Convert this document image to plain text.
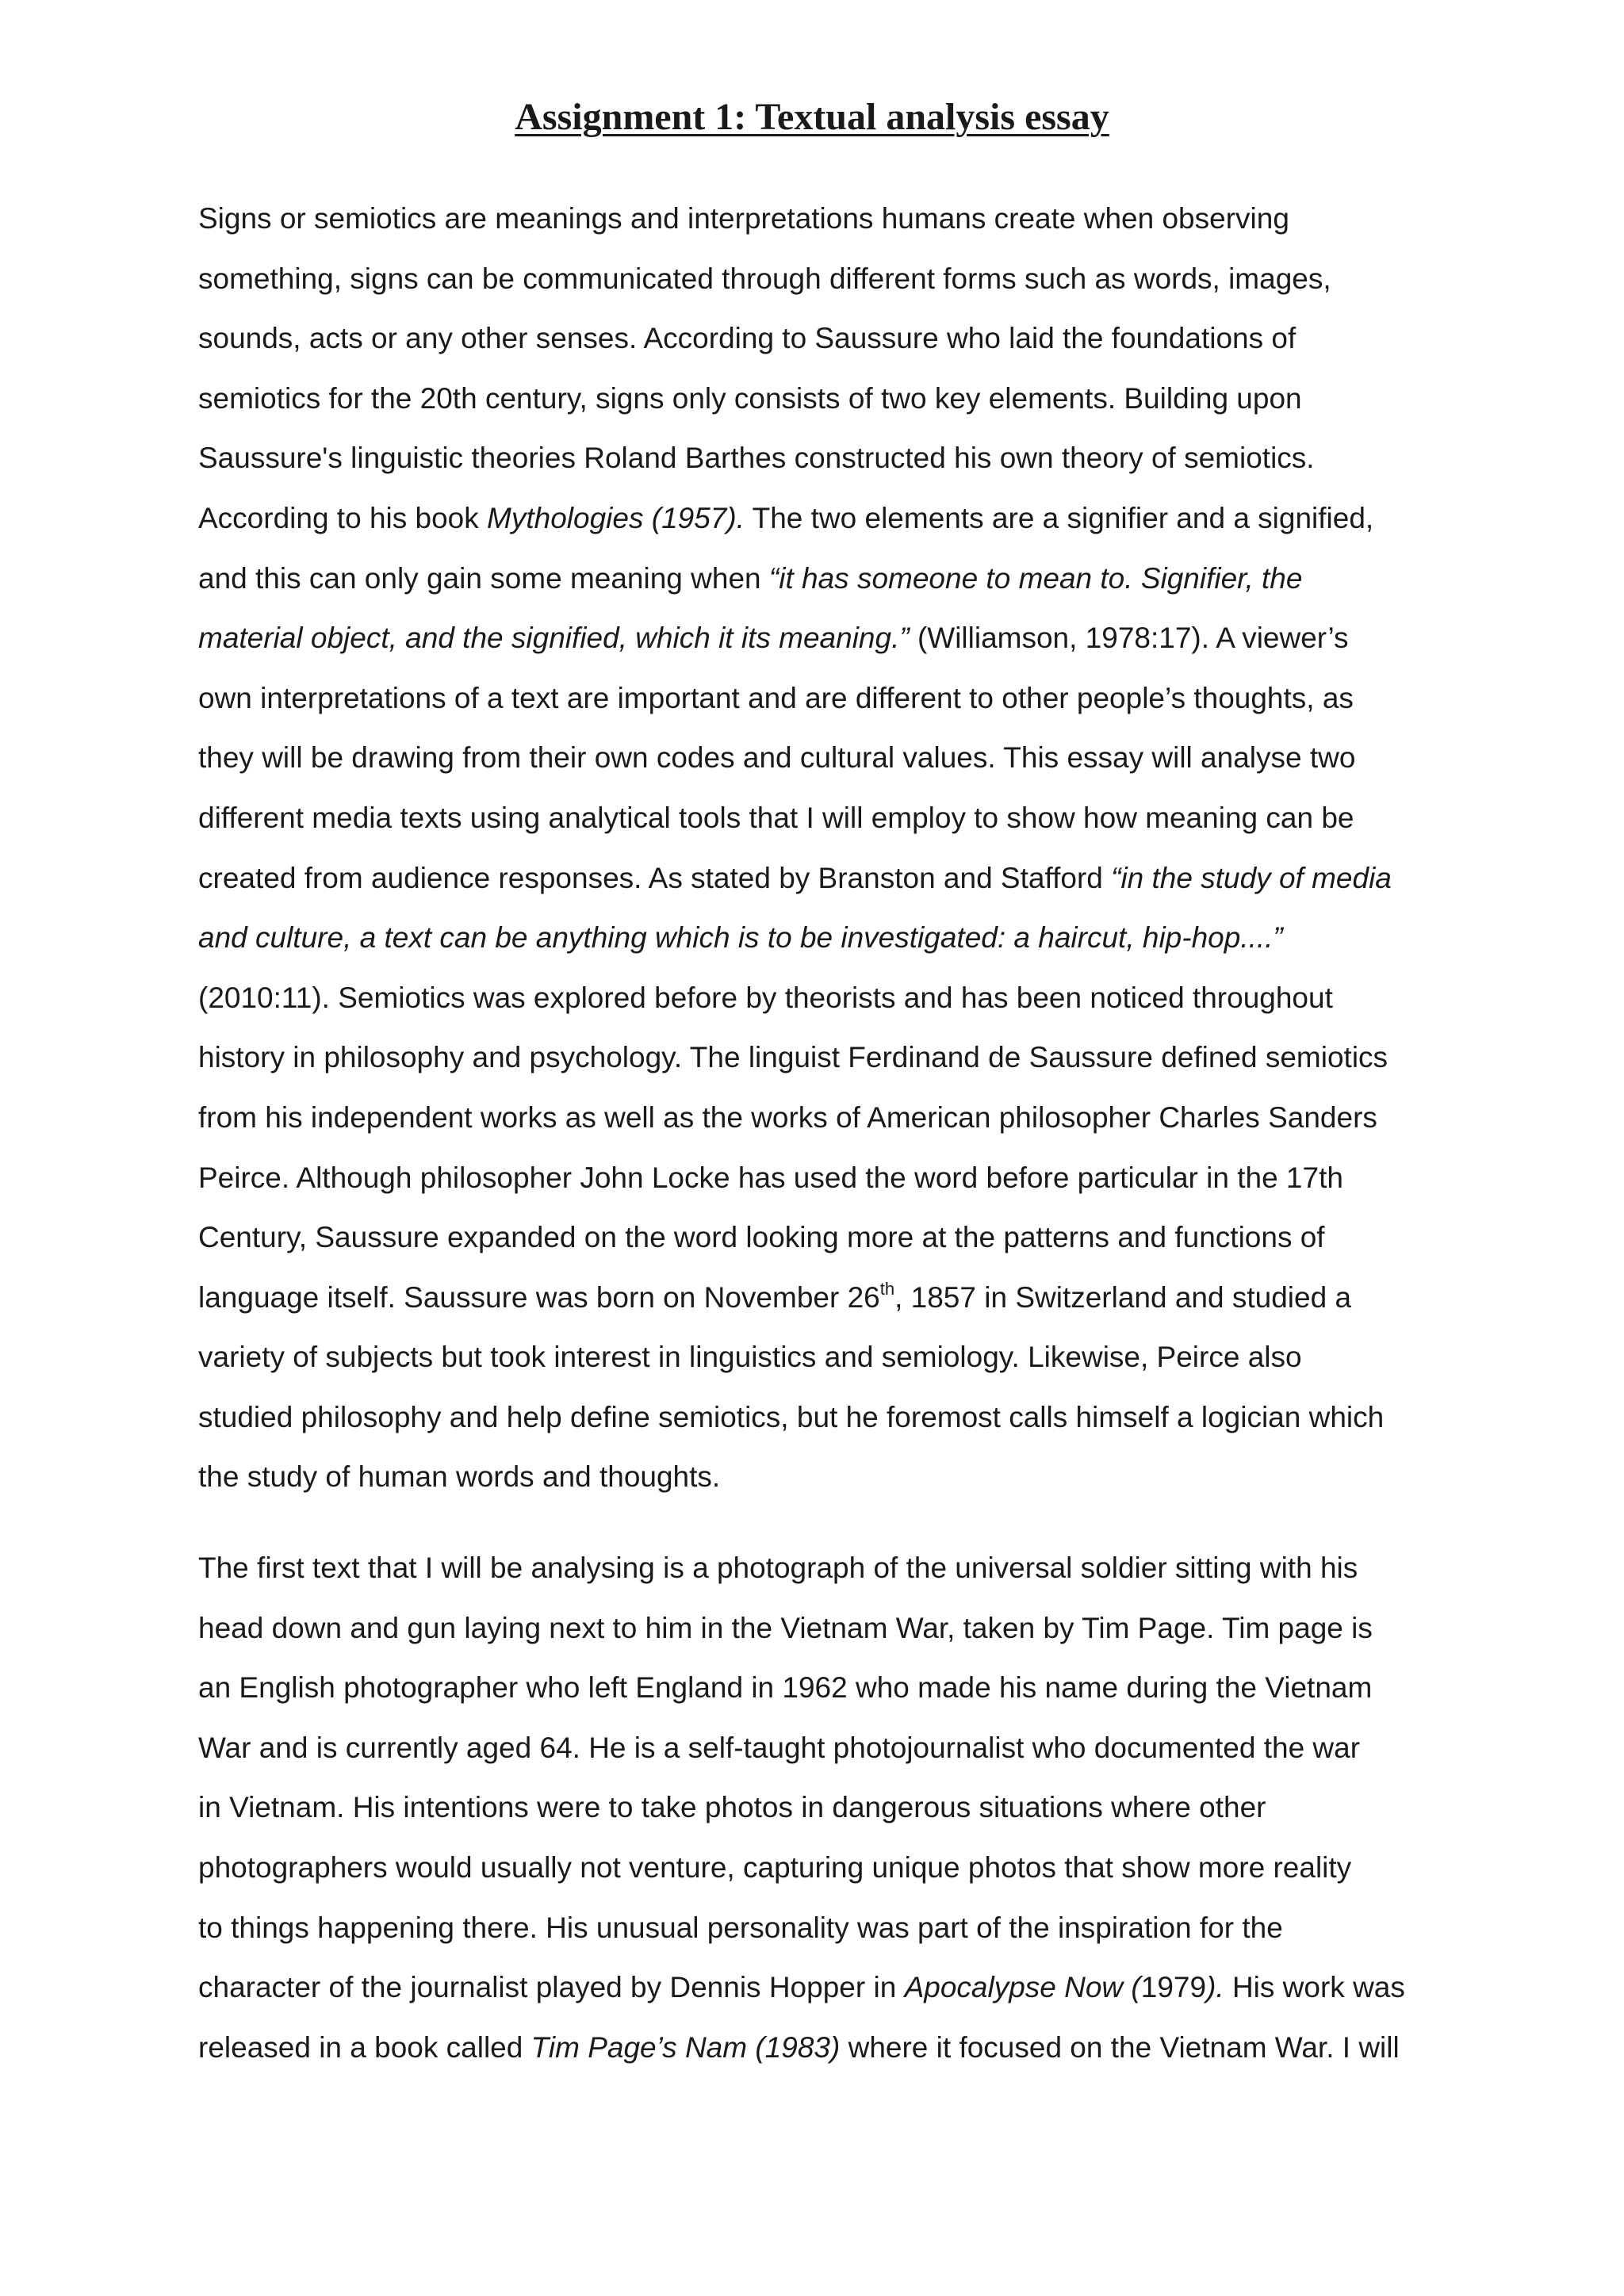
Assignment 1: Textual analysis essay
Signs or semiotics are meanings and interpretations humans create when observing
something, signs can be communicated through different forms such as words, images,
sounds, acts or any other senses. According to Saussure who laid the foundations of
semiotics for the 20th century, signs only consists of two key elements. Building upon
Saussure's linguistic theories Roland Barthes constructed his own theory of semiotics.
According to his book Mythologies (1957). The two elements are a signifier and a signified,
and this can only gain some meaning when “it has someone to mean to. Signifier, the
material object, and the signified, which it its meaning.” (Williamson, 1978:17). A viewer’s
own interpretations of a text are important and are different to other people’s thoughts, as
they will be drawing from their own codes and cultural values. This essay will analyse two
different media texts using analytical tools that I will employ to show how meaning can be
created from audience responses. As stated by Branston and Stafford “in the study of media
and culture, a text can be anything which is to be investigated: a haircut, hip-hop....”
(2010:11). Semiotics was explored before by theorists and has been noticed throughout
history in philosophy and psychology. The linguist Ferdinand de Saussure defined semiotics
from his independent works as well as the works of American philosopher Charles Sanders
Peirce. Although philosopher John Locke has used the word before particular in the 17th
Century, Saussure expanded on the word looking more at the patterns and functions of
language itself. Saussure was born on November 26th, 1857 in Switzerland and studied a
variety of subjects but took interest in linguistics and semiology. Likewise, Peirce also
studied philosophy and help define semiotics, but he foremost calls himself a logician which
the study of human words and thoughts.
The first text that I will be analysing is a photograph of the universal soldier sitting with his
head down and gun laying next to him in the Vietnam War, taken by Tim Page. Tim page is
an English photographer who left England in 1962 who made his name during the Vietnam
War and is currently aged 64. He is a self-taught photojournalist who documented the war
in Vietnam. His intentions were to take photos in dangerous situations where other
photographers would usually not venture, capturing unique photos that show more reality
to things happening there. His unusual personality was part of the inspiration for the
character of the journalist played by Dennis Hopper in Apocalypse Now (1979). His work was
released in a book called Tim Page’s Nam (1983) where it focused on the Vietnam War. I will
